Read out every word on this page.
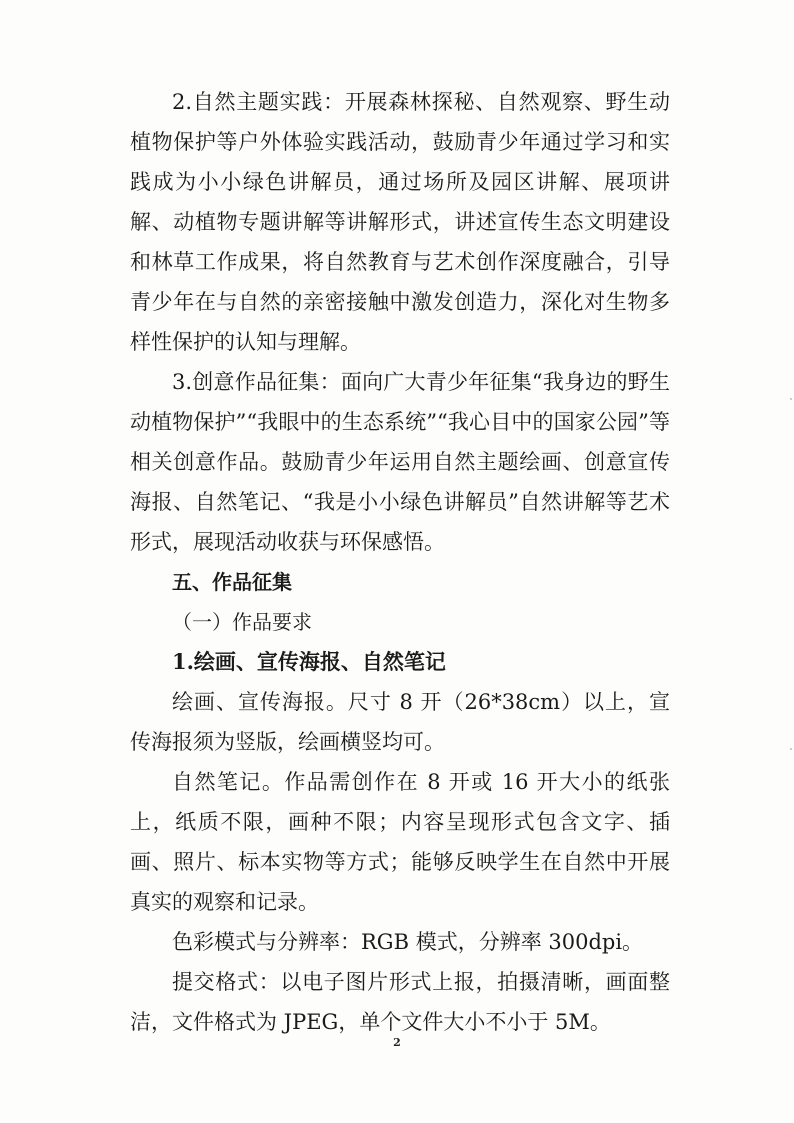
2.自然主题实践：开展森林探秘、自然观察、野生动植物保护等户外体验实践活动，鼓励青少年通过学习和实践成为小小绿色讲解员，通过场所及园区讲解、展项讲解、动植物专题讲解等讲解形式，讲述宣传生态文明建设和林草工作成果，将自然教育与艺术创作深度融合，引导青少年在与自然的亲密接触中激发创造力，深化对生物多样性保护的认知与理解。

3.创意作品征集：面向广大青少年征集“我身边的野生动植物保护”“我眼中的生态系统”“我心目中的国家公园”等相关创意作品。鼓励青少年运用自然主题绘画、创意宣传海报、自然笔记、“我是小小绿色讲解员”自然讲解等艺术形式，展现活动收获与环保感悟。

五、作品征集

（一）作品要求

1.绘画、宣传海报、自然笔记

绘画、宣传海报。尺寸 8 开（26*38cm）以上，宣传海报须为竖版，绘画横竖均可。

自然笔记。作品需创作在 8 开或 16 开大小的纸张上，纸质不限，画种不限；内容呈现形式包含文字、插画、照片、标本实物等方式；能够反映学生在自然中开展真实的观察和记录。

色彩模式与分辨率：RGB 模式，分辨率 300dpi。

提交格式：以电子图片形式上报，拍摄清晰，画面整洁，文件格式为 JPEG，单个文件大小不小于 5M。

2
